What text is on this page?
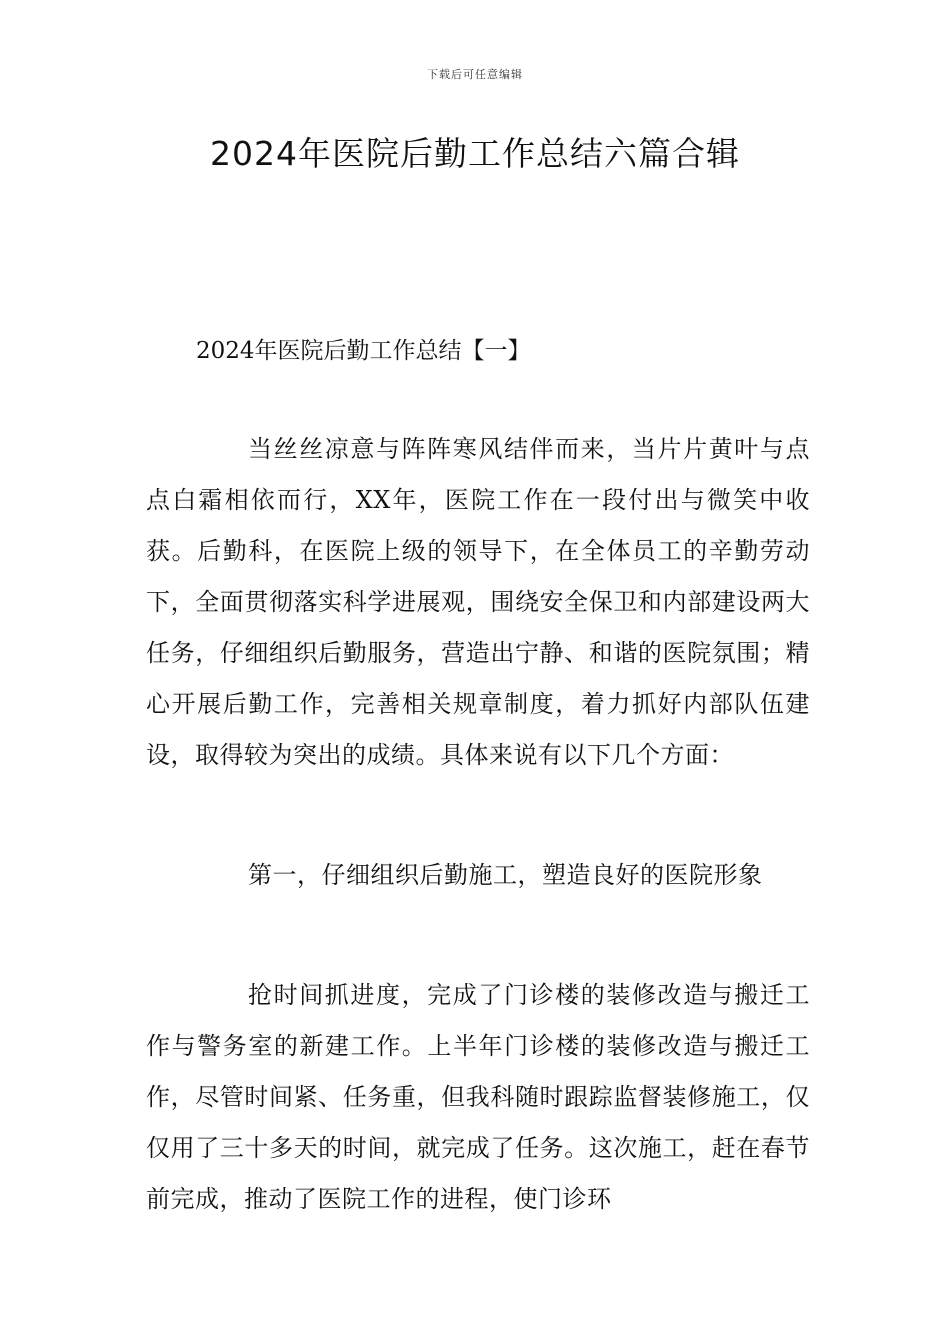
下载后可任意编辑
2024年医院后勤工作总结六篇合辑
2024年医院后勤工作总结【一】

当丝丝凉意与阵阵寒风结伴而来，当片片黄叶与点点白霜相依而行，XX年，医院工作在一段付出与微笑中收获。后勤科，在医院上级的领导下，在全体员工的辛勤劳动下，全面贯彻落实科学进展观，围绕安全保卫和内部建设两大任务，仔细组织后勤服务，营造出宁静、和谐的医院氛围；精心开展后勤工作，完善相关规章制度，着力抓好内部队伍建设，取得较为突出的成绩。具体来说有以下几个方面：

第一，仔细组织后勤施工，塑造良好的医院形象

抢时间抓进度，完成了门诊楼的装修改造与搬迁工作与警务室的新建工作。上半年门诊楼的装修改造与搬迁工作，尽管时间紧、任务重，但我科随时跟踪监督装修施工，仅仅用了三十多天的时间，就完成了任务。这次施工，赶在春节前完成，推动了医院工作的进程，使门诊环
